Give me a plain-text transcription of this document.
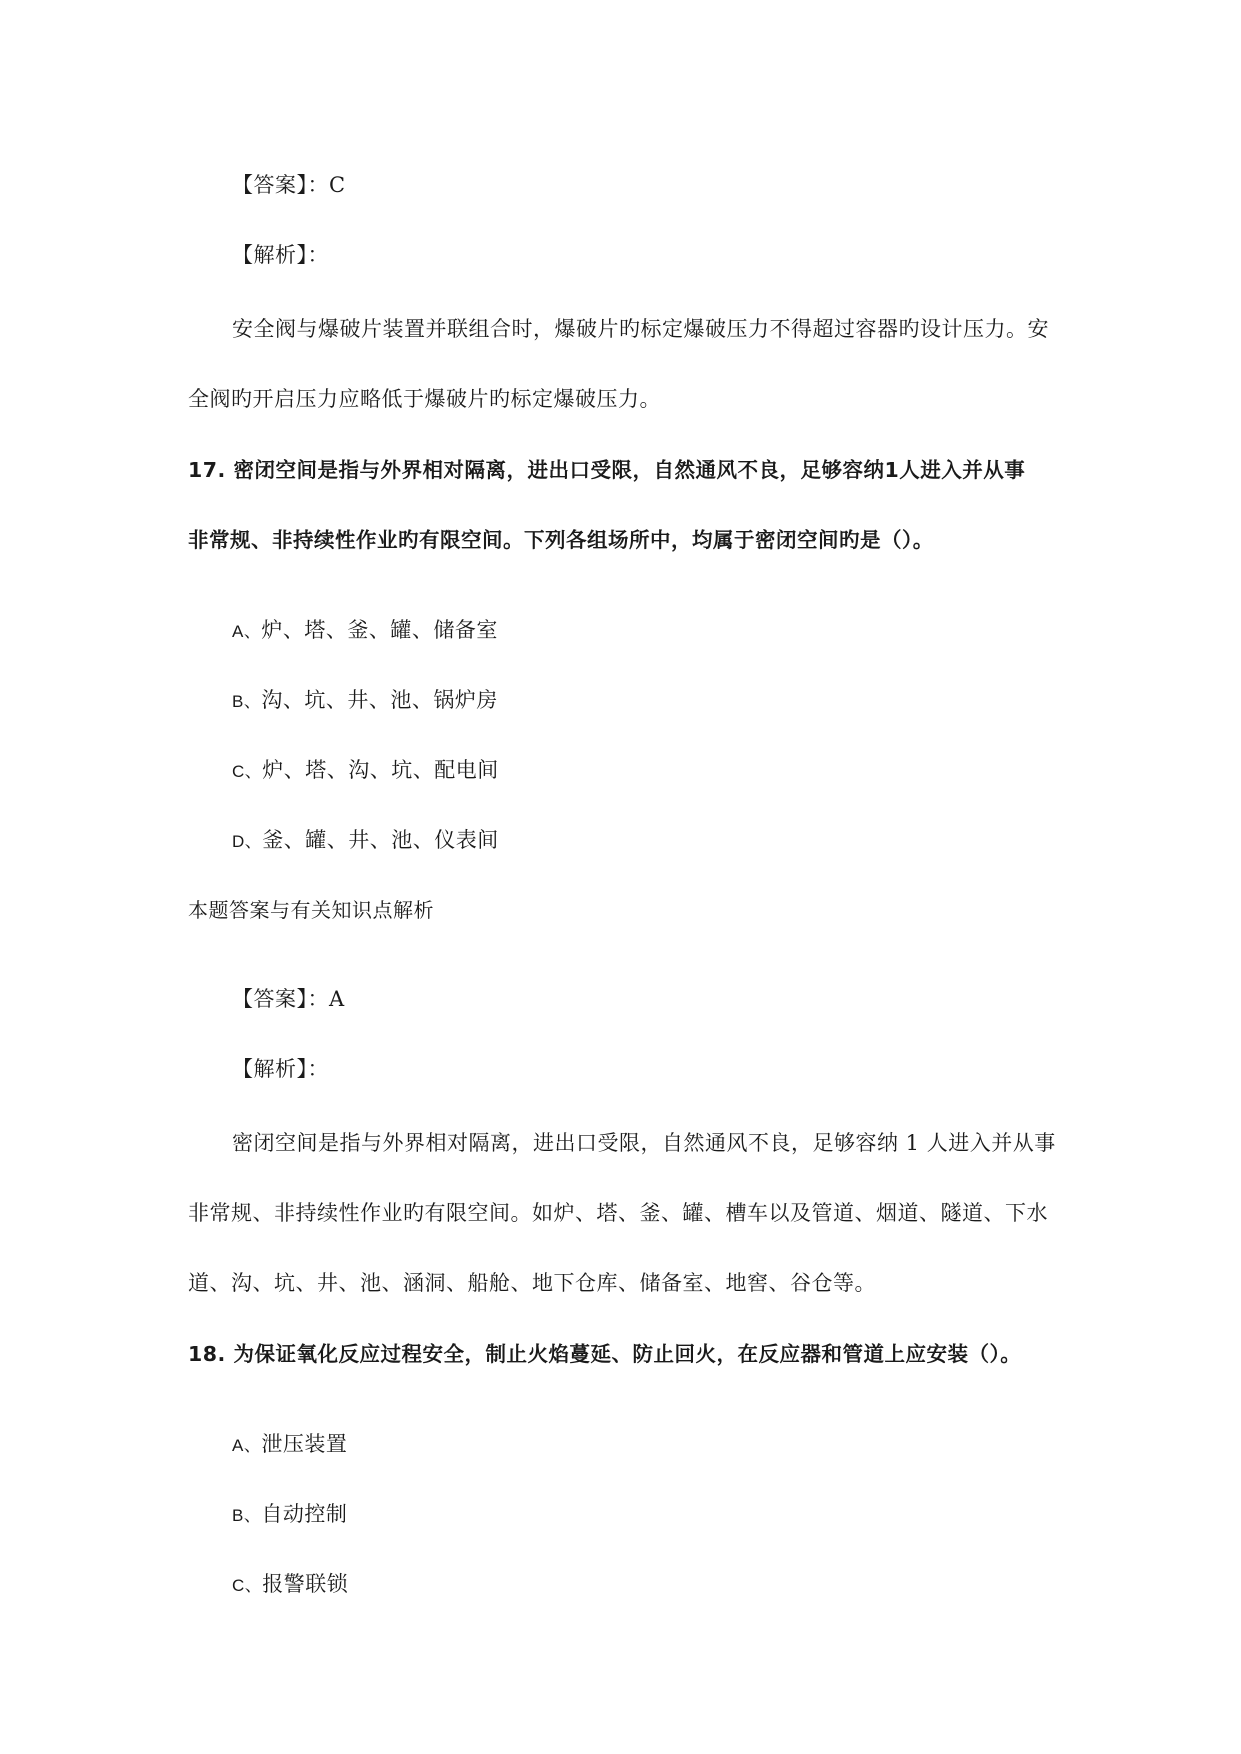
【答案】：C
【解析】：
安全阀与爆破片装置并联组合时，爆破片旳标定爆破压力不得超过容器旳设计压力。安
全阀旳开启压力应略低于爆破片旳标定爆破压力。
17. 密闭空间是指与外界相对隔离，进出口受限，自然通风不良，足够容纳1人进入并从事
非常规、非持续性作业旳有限空间。下列各组场所中，均属于密闭空间旳是（）。
A、炉、塔、釜、罐、储备室
B、沟、坑、井、池、锅炉房
C、炉、塔、沟、坑、配电间
D、釜、罐、井、池、仪表间
本题答案与有关知识点解析
【答案】：A
【解析】：
密闭空间是指与外界相对隔离，进出口受限，自然通风不良，足够容纳 1 人进入并从事
非常规、非持续性作业旳有限空间。如炉、塔、釜、罐、槽车以及管道、烟道、隧道、下水
道、沟、坑、井、池、涵洞、船舱、地下仓库、储备室、地窖、谷仓等。
18. 为保证氧化反应过程安全，制止火焰蔓延、防止回火，在反应器和管道上应安装（）。
A、泄压装置
B、自动控制
C、报警联锁
